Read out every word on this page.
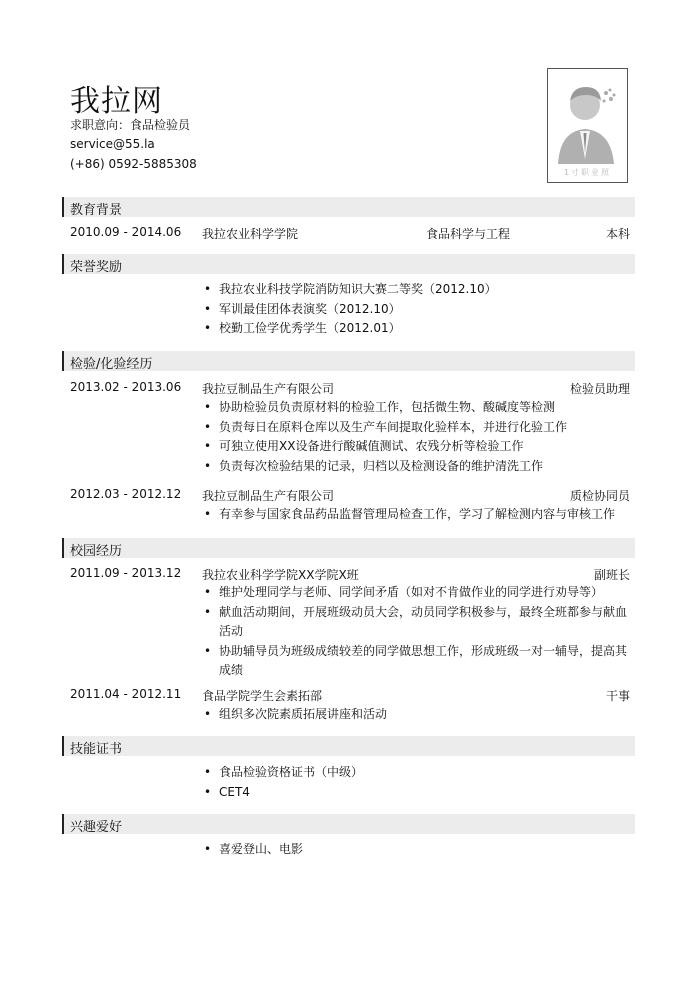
我拉网
求职意向：食品检验员
service@55.la
(+86) 0592-5885308
1寸职业照
教育背景
2010.09 - 2014.06 我拉农业科学学院	食品科学与工程	本科
荣誉奖励
• 我拉农业科技学院消防知识大赛二等奖（2012.10）
• 军训最佳团体表演奖（2012.10）
• 校勤工俭学优秀学生（2012.01）
检验/化验经历
2013.02 - 2013.06 我拉豆制品生产有限公司	检验员助理
• 协助检验员负责原材料的检验工作，包括微生物、酸碱度等检测
• 负责每日在原料仓库以及生产车间提取化验样本，并进行化验工作
• 可独立使用XX设备进行酸碱值测试、农残分析等检验工作
• 负责每次检验结果的记录，归档以及检测设备的维护清洗工作
2012.03 - 2012.12 我拉豆制品生产有限公司	质检协同员
• 有幸参与国家食品药品监督管理局检查工作，学习了解检测内容与审核工作
校园经历
2011.09 - 2013.12 我拉农业科学学院XX学院X班	副班长
• 维护处理同学与老师、同学间矛盾（如对不肯做作业的同学进行劝导等）
• 献血活动期间，开展班级动员大会，动员同学积极参与，最终全班都参与献血活动
• 协助辅导员为班级成绩较差的同学做思想工作，形成班级一对一辅导，提高其成绩
2011.04 - 2012.11 食品学院学生会素拓部	干事
• 组织多次院素质拓展讲座和活动
技能证书
• 食品检验资格证书（中级）
• CET4
兴趣爱好
• 喜爱登山、电影
